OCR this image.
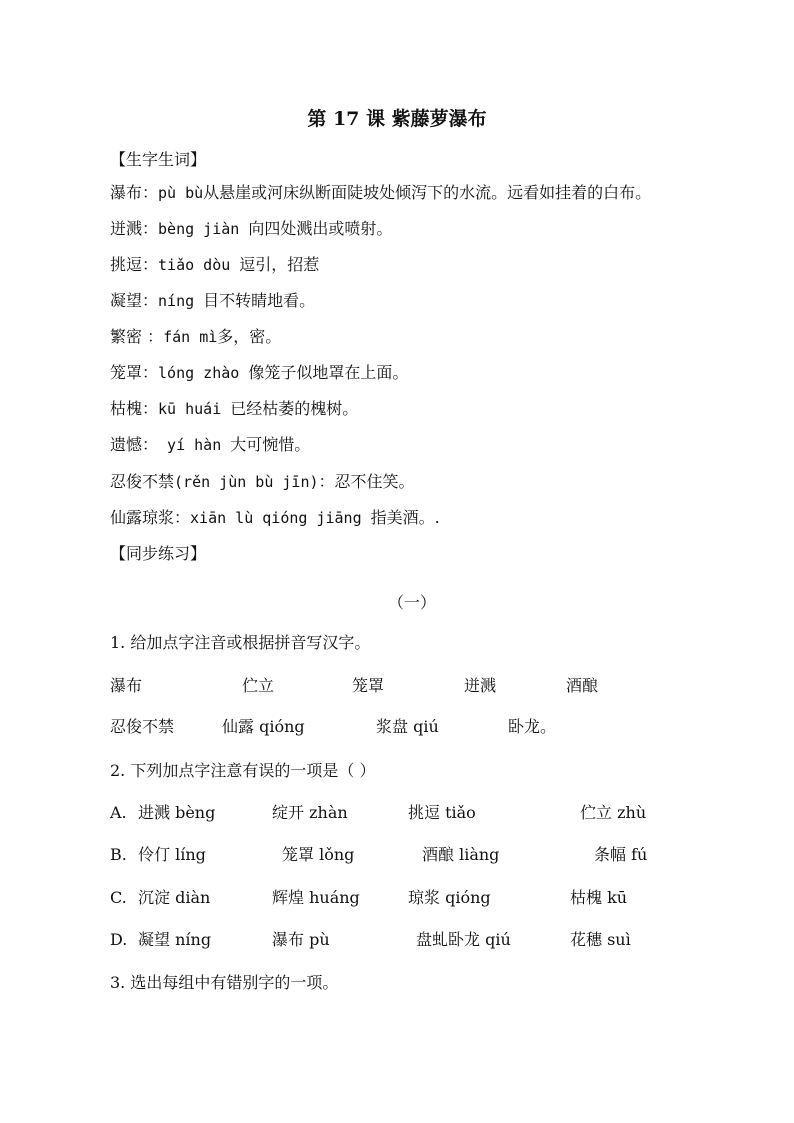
第 17 课 紫藤萝瀑布
【生字生词】
瀑布：pù bù从悬崖或河床纵断面陡坡处倾泻下的水流。远看如挂着的白布。
迸溅：bèng jiàn 向四处溅出或喷射。
挑逗：tiǎo dòu 逗引，招惹
凝望：níng 目不转睛地看。
繁密 ：fán mì多，密。
笼罩：lóng zhào 像笼子似地罩在上面。
枯槐：kū huái 已经枯萎的槐树。
遗憾： yí hàn 大可惋惜。
忍俊不禁(rěn jùn bù jīn)：忍不住笑。
仙露琼浆：xiān lù qióng jiāng 指美酒。.
【同步练习】
（一）
1. 给加点字注音或根据拼音写汉字。
瀑布	伫立	笼罩	迸溅	酒酿
忍俊不禁	仙露 qióng	浆盘 qiú	卧龙。
2. 下列加点字注意有误的一项是（ ）
A. 进溅 bèng	绽开 zhàn	挑逗 tiǎo	伫立 zhù
B. 伶仃 líng	笼罩 lǒng	酒酿 liàng	条幅 fú
C. 沉淀 diàn	辉煌 huáng	琼浆 qióng	枯槐 kū
D. 凝望 níng	瀑布 pù	盘虬卧龙 qiú	花穗 suì
3. 选出每组中有错别字的一项。
